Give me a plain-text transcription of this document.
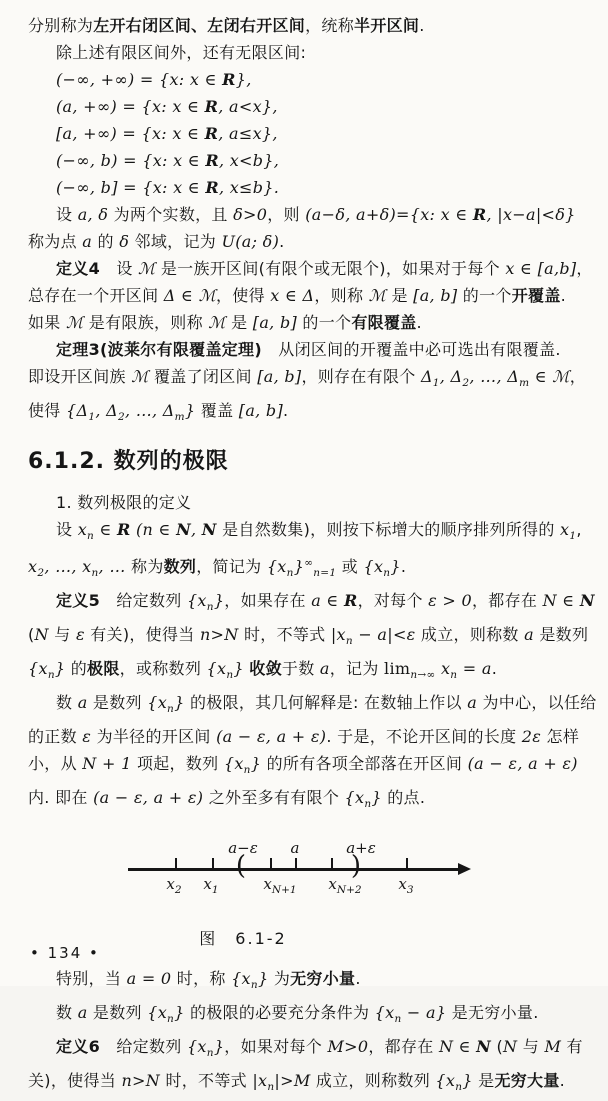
分别称为左开右闭区间、左闭右开区间，统称半开区间.
除上述有限区间外，还有无限区间:
(−∞, +∞) = {x: x ∈ R},
(a, +∞) = {x: x ∈ R, a<x},
[a, +∞) = {x: x ∈ R, a≤x},
(−∞, b) = {x: x ∈ R, x<b},
(−∞, b] = {x: x ∈ R, x≤b}.
设 a, δ 为两个实数，且 δ>0，则 (a−δ, a+δ)={x: x ∈ R, |x−a|<δ}
称为点 a 的 δ 邻域，记为 U(a; δ).
定义4　设 ℳ 是一族开区间(有限个或无限个)，如果对于每个 x ∈ [a,b]，
总存在一个开区间 Δ ∈ ℳ，使得 x ∈ Δ，则称 ℳ 是 [a, b] 的一个开覆盖.
如果 ℳ 是有限族，则称 ℳ 是 [a, b] 的一个有限覆盖.
定理3(波莱尔有限覆盖定理)　从闭区间的开覆盖中必可选出有限覆盖.
即设开区间族 ℳ 覆盖了闭区间 [a, b]，则存在有限个 $\Delta_1$, $\Delta_2$, …, $\Delta_m$ ∈ ℳ，
使得 {$\Delta_1$, $\Delta_2$, …, $\Delta_m$} 覆盖 [a, b].
6.1.2. 数列的极限
1. 数列极限的定义
设 $x_n$ ∈ R (n ∈ N, N 是自然数集)，则按下标增大的顺序排列所得的 $x_1$,
$x_2$, …, $x_n$, … 称为数列，简记为 $\{x_n\}^\infty_{n=1}$ 或 $\{x_n\}$.
定义5　给定数列 $\{x_n\}$，如果存在 a ∈ R，对每个 ε > 0，都存在 N ∈ N
(N 与 ε 有关)，使得当 n>N 时，不等式 $|x_n - a|<\varepsilon$ 成立，则称数 a 是数列
$\{x_n\}$ 的极限，或称数列 $\{x_n\}$ 收敛于数 a，记为 $\lim_{n\to\infty} x_n = a$.
数 a 是数列 $\{x_n\}$ 的极限，其几何解释是: 在数轴上作以 a 为中心，以任给
的正数 ε 为半径的开区间 (a − ε, a + ε). 于是，不论开区间的长度 2ε 怎样
小，从 N + 1 项起，数列 $\{x_n\}$ 的所有各项全部落在开区间 (a − ε, a + ε)
内. 即在 (a − ε, a + ε) 之外至多有有限个 $\{x_n\}$ 的点.
(	)
a−ε a	a+ε
$x_2$ $x_1$	$x_{N+1}$ $x_{N+2}$ $x_3$
图　6.1-2
特别，当 a = 0 时，称 $\{x_n\}$ 为无穷小量.
数 a 是数列 $\{x_n\}$ 的极限的必要充分条件为 $\{x_n - a\}$ 是无穷小量.
定义6　给定数列 $\{x_n\}$，如果对每个 M>0，都存在 N ∈ N (N 与 M 有
关)，使得当 n>N 时，不等式 $|x_n|>M$ 成立，则称数列 $\{x_n\}$ 是无穷大量.
• 134 •
